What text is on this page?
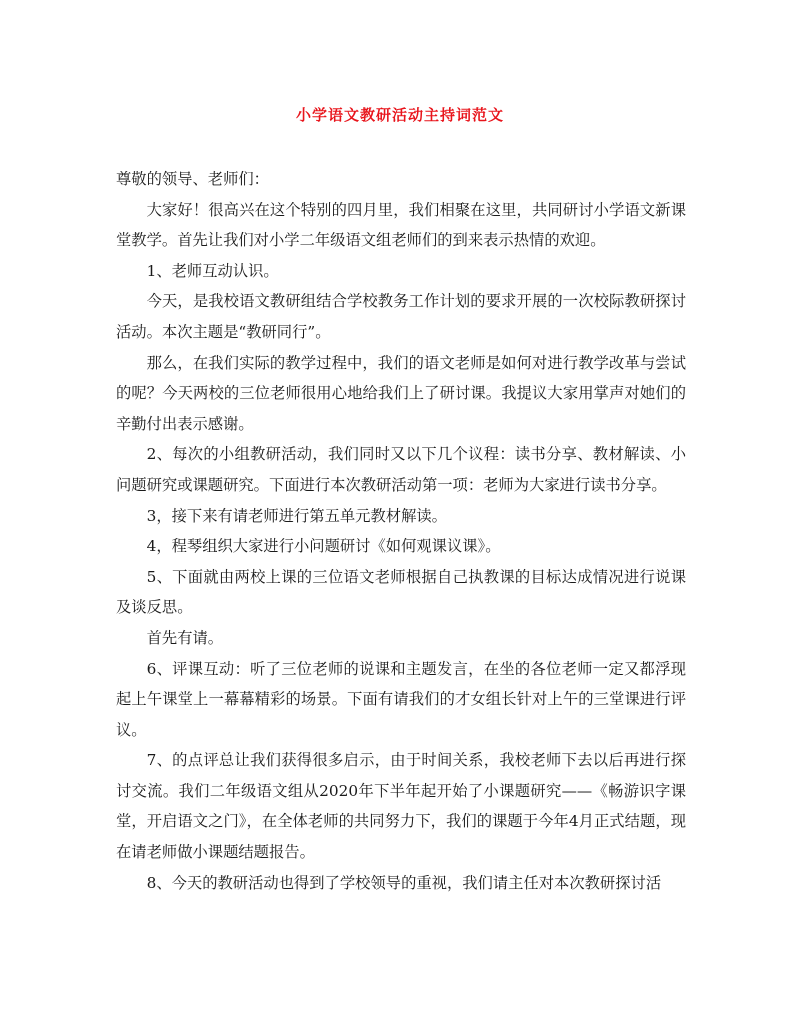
小学语文教研活动主持词范文

尊敬的领导、老师们：

大家好！很高兴在这个特别的四月里，我们相聚在这里，共同研讨小学语文新课堂教学。首先让我们对小学二年级语文组老师们的到来表示热情的欢迎。

1、老师互动认识。

今天，是我校语文教研组结合学校教务工作计划的要求开展的一次校际教研探讨活动。本次主题是“教研同行”。

那么，在我们实际的教学过程中，我们的语文老师是如何对进行教学改革与尝试的呢？今天两校的三位老师很用心地给我们上了研讨课。我提议大家用掌声对她们的辛勤付出表示感谢。

2、每次的小组教研活动，我们同时又以下几个议程：读书分享、教材解读、小问题研究或课题研究。下面进行本次教研活动第一项：老师为大家进行读书分享。

3，接下来有请老师进行第五单元教材解读。

4，程琴组织大家进行小问题研讨《如何观课议课》。

5、下面就由两校上课的三位语文老师根据自己执教课的目标达成情况进行说课及谈反思。

首先有请。

6、评课互动：听了三位老师的说课和主题发言，在坐的各位老师一定又都浮现起上午课堂上一幕幕精彩的场景。下面有请我们的才女组长针对上午的三堂课进行评议。

7、的点评总让我们获得很多启示，由于时间关系，我校老师下去以后再进行探讨交流。我们二年级语文组从2020年下半年起开始了小课题研究——《畅游识字课堂，开启语文之门》，在全体老师的共同努力下，我们的课题于今年4月正式结题，现在请老师做小课题结题报告。

8、今天的教研活动也得到了学校领导的重视，我们请主任对本次教研探讨活
